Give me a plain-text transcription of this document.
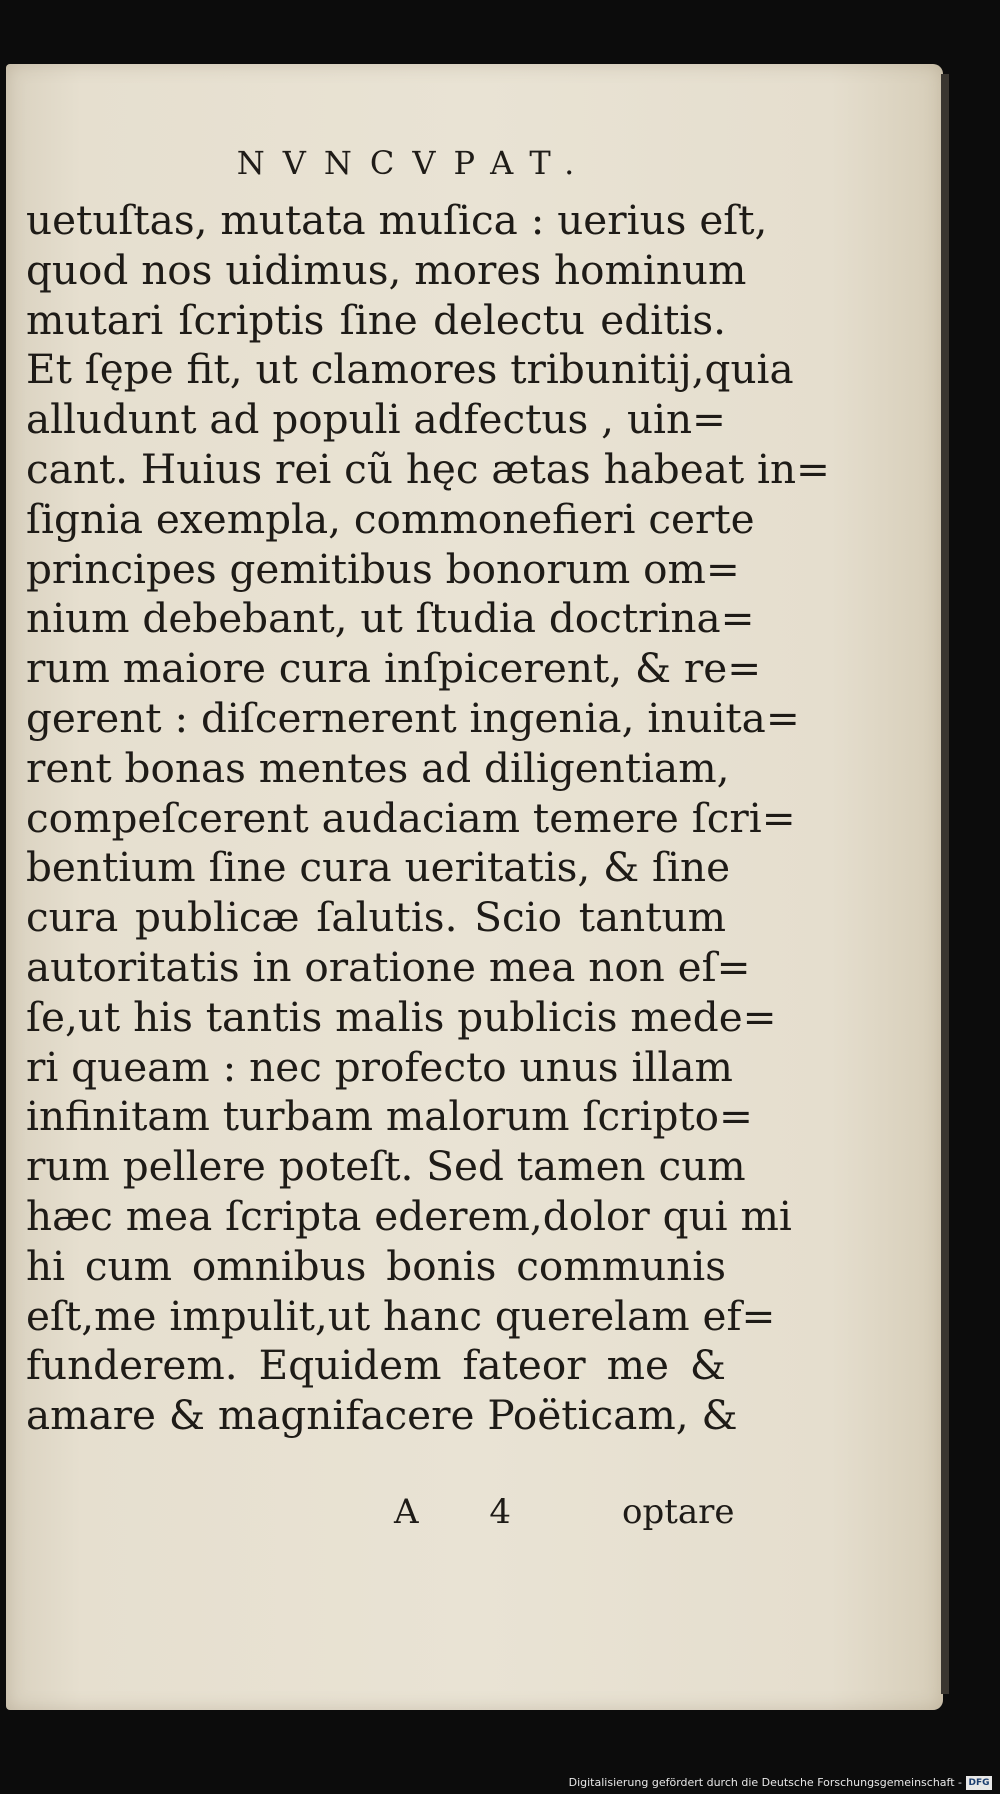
NVNCVPAT.
uetuſtas, mutata muſica : uerius eſt,
quod nos uidimus, mores hominum
mutari ſcriptis ſine delectu editis.
Et ſępe fit, ut clamores tribunitij,quia
alludunt ad populi adfectus , uin=
cant. Huius rei cũ hęc ætas habeat in=
ſignia exempla, commonefieri certe
principes gemitibus bonorum om=
nium debebant, ut ſtudia doctrina=
rum maiore cura inſpicerent, & re=
gerent : diſcernerent ingenia, inuita=
rent bonas mentes ad diligentiam,
compeſcerent audaciam temere ſcri=
bentium ſine cura ueritatis, & ſine
cura publicæ ſalutis. Scio tantum
autoritatis in oratione mea non eſ=
ſe,ut his tantis malis publicis mede=
ri queam : nec profecto unus illam
infinitam turbam malorum ſcripto=
rum pellere poteſt. Sed tamen cum
hæc mea ſcripta ederem,dolor qui mi
hi cum omnibus bonis communis
eſt,me impulit,ut hanc querelam ef=
funderem. Equidem fateor me &
amare & magnifacere Poëticam, &
A 4 optare
Digitalisierung gefördert durch die Deutsche Forschungsgemeinschaft - DFG
